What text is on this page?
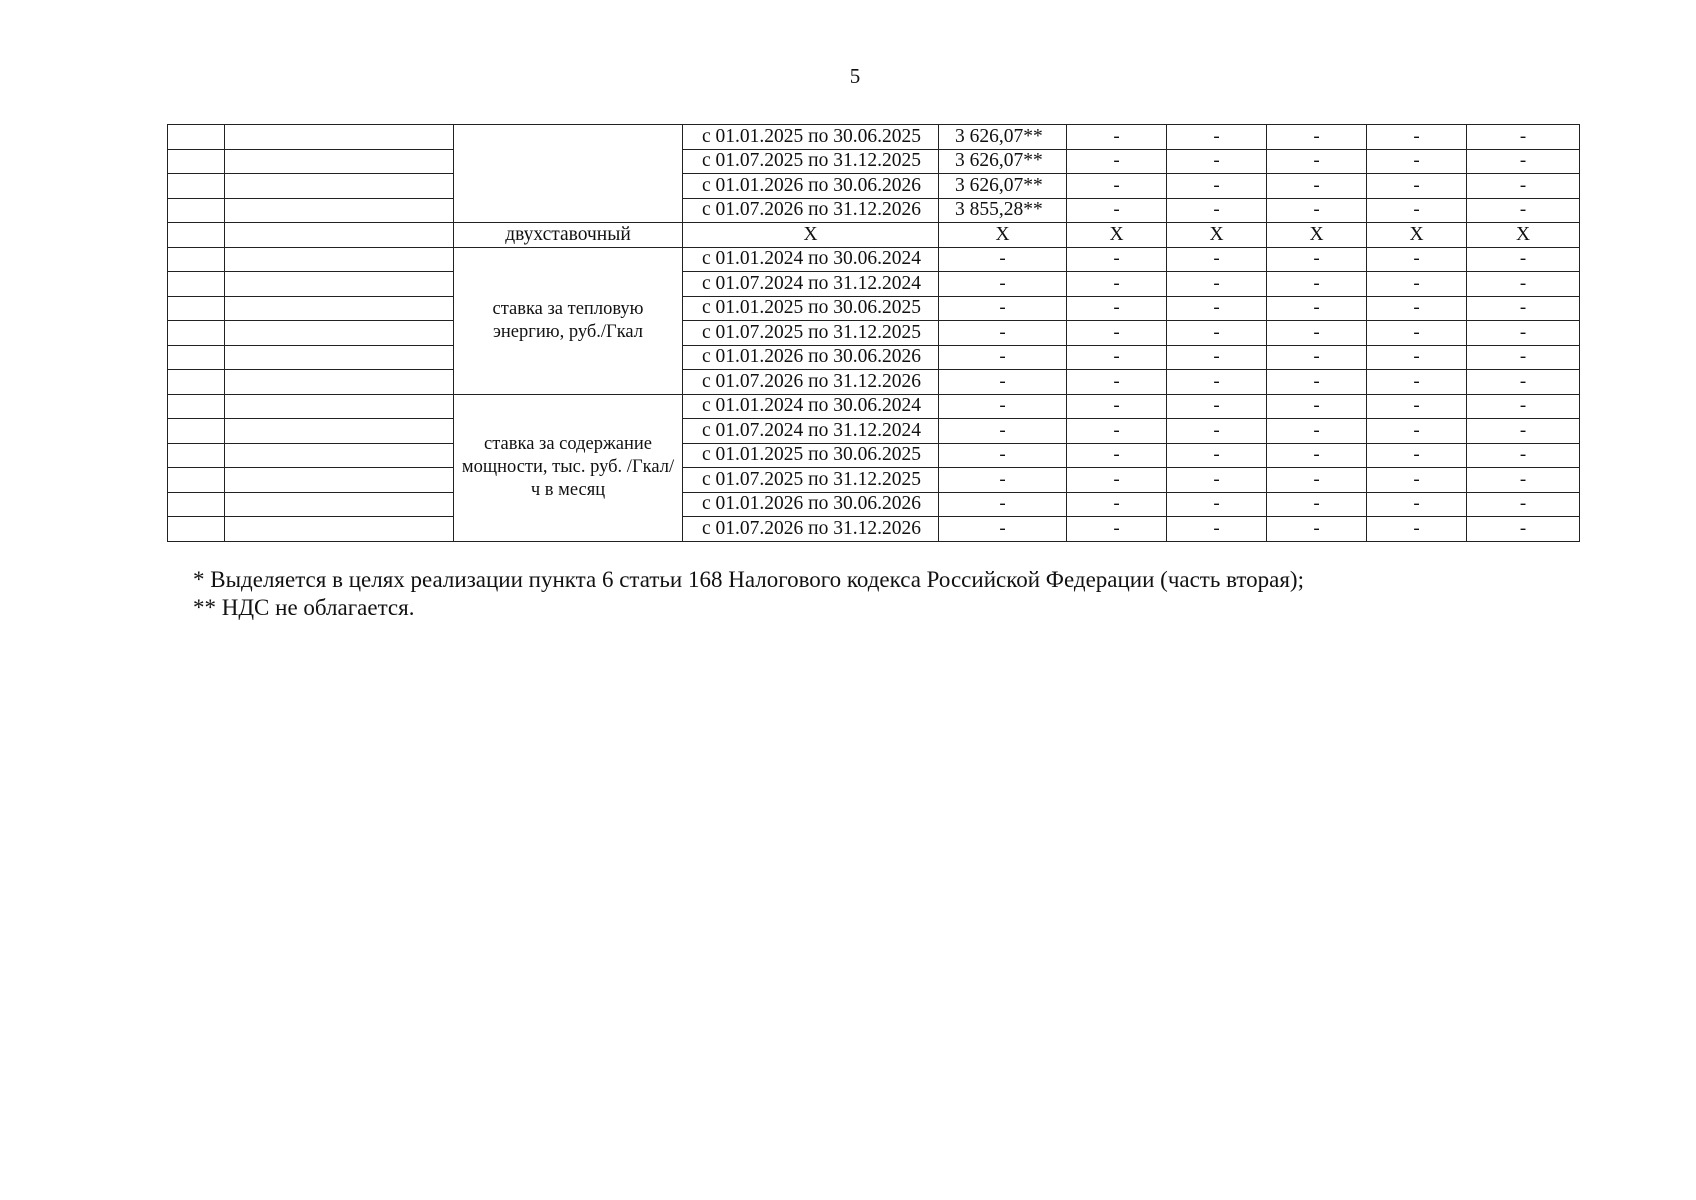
5
			с 01.01.2025 по 30.06.2025	3 626,07**	-	-	-	-	-
			с 01.07.2025 по 31.12.2025	3 626,07**	-	-	-	-	-
			с 01.01.2026 по 30.06.2026	3 626,07**	-	-	-	-	-
			с 01.07.2026 по 31.12.2026	3 855,28**	-	-	-	-	-
		двухставочный	Х	Х	Х	Х	Х	Х	Х
		ставка за тепловую энергию, руб./Гкал	с 01.01.2024 по 30.06.2024	-	-	-	-	-	-
			с 01.07.2024 по 31.12.2024	-	-	-	-	-	-
			с 01.01.2025 по 30.06.2025	-	-	-	-	-	-
			с 01.07.2025 по 31.12.2025	-	-	-	-	-	-
			с 01.01.2026 по 30.06.2026	-	-	-	-	-	-
			с 01.07.2026 по 31.12.2026	-	-	-	-	-	-
		ставка за содержание мощности, тыс. руб. /Гкал/ч в месяц	с 01.01.2024 по 30.06.2024	-	-	-	-	-	-
			с 01.07.2024 по 31.12.2024	-	-	-	-	-	-
			с 01.01.2025 по 30.06.2025	-	-	-	-	-	-
			с 01.07.2025 по 31.12.2025	-	-	-	-	-	-
			с 01.01.2026 по 30.06.2026	-	-	-	-	-	-
			с 01.07.2026 по 31.12.2026	-	-	-	-	-	-
* Выделяется в целях реализации пункта 6 статьи 168 Налогового кодекса Российской Федерации (часть вторая);
** НДС не облагается.
